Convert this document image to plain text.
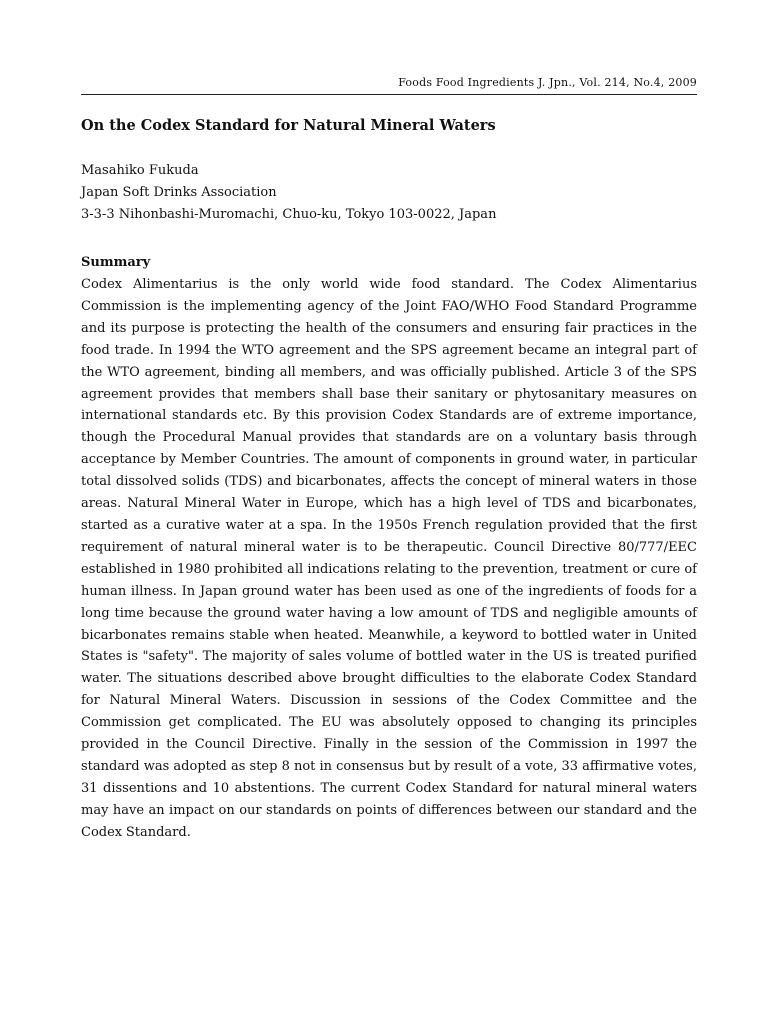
Foods Food Ingredients J. Jpn., Vol. 214, No.4, 2009
On the Codex Standard for Natural Mineral Waters
Masahiko Fukuda
Japan Soft Drinks Association
3-3-3 Nihonbashi-Muromachi, Chuo-ku, Tokyo 103-0022, Japan
Summary
Codex Alimentarius is the only world wide food standard. The Codex Alimentarius Commission is the implementing agency of the Joint FAO/WHO Food Standard Programme and its purpose is protecting the health of the consumers and ensuring fair practices in the food trade. In 1994 the WTO agreement and the SPS agreement became an integral part of the WTO agreement, binding all members, and was officially published. Article 3 of the SPS agreement provides that members shall base their sanitary or phytosanitary measures on international standards etc. By this provision Codex Standards are of extreme importance, though the Procedural Manual provides that standards are on a voluntary basis through acceptance by Member Countries. The amount of components in ground water, in particular total dissolved solids (TDS) and bicarbonates, affects the concept of mineral waters in those areas. Natural Mineral Water in Europe, which has a high level of TDS and bicarbonates, started as a curative water at a spa. In the 1950s French regulation provided that the first requirement of natural mineral water is to be therapeutic. Council Directive 80/777/EEC established in 1980 prohibited all indications relating to the prevention, treatment or cure of human illness. In Japan ground water has been used as one of the ingredients of foods for a long time because the ground water having a low amount of TDS and negligible amounts of bicarbonates remains stable when heated. Meanwhile, a keyword to bottled water in United States is "safety". The majority of sales volume of bottled water in the US is treated purified water. The situations described above brought difficulties to the elaborate Codex Standard for Natural Mineral Waters. Discussion in sessions of the Codex Committee and the Commission get complicated. The EU was absolutely opposed to changing its principles provided in the Council Directive. Finally in the session of the Commission in 1997 the standard was adopted as step 8 not in consensus but by result of a vote, 33 affirmative votes, 31 dissentions and 10 abstentions. The current Codex Standard for natural mineral waters may have an impact on our standards on points of differences between our standard and the Codex Standard.
